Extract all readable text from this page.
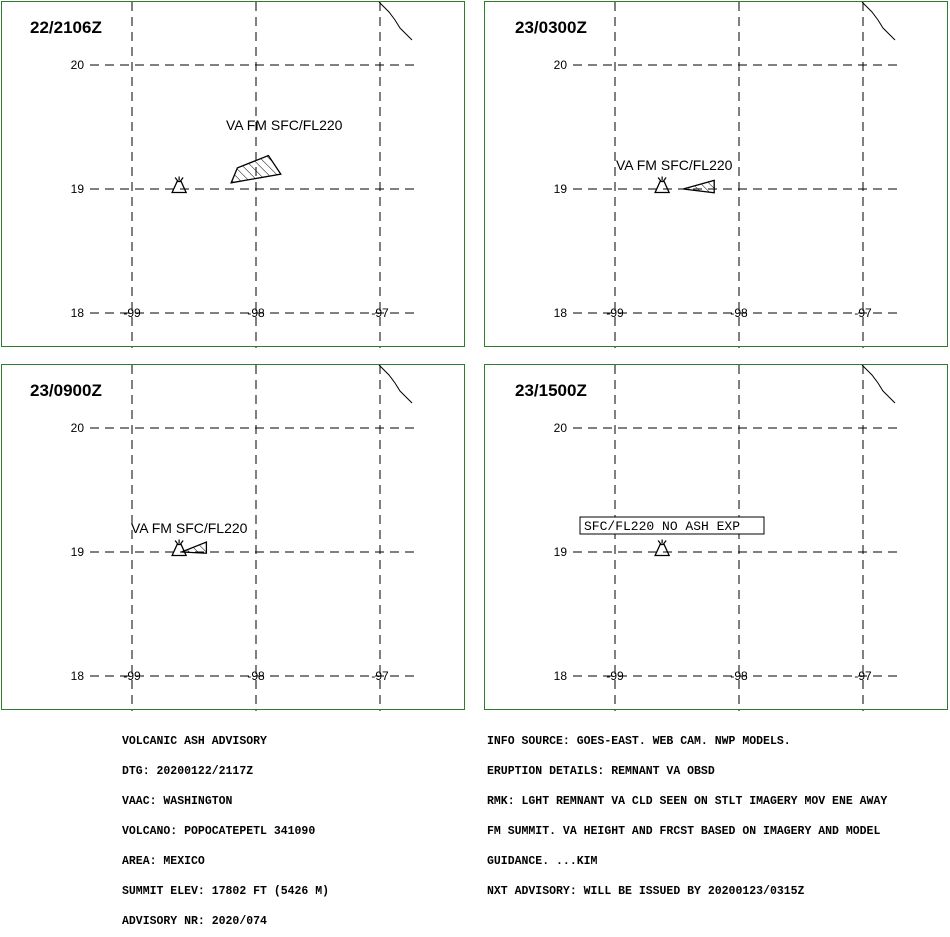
-99	-98	-97
20
19
18
VA FM SFC/FL220
22/2106Z
-99	-98	-97
20
19
18
VA FM SFC/FL220
23/0300Z
-99	-98	-97
20
19
18
VA FM SFC/FL220
23/0900Z
-99	-98	-97
20
19
18
SFC/FL220 NO ASH EXP
23/1500Z

VOLCANIC ASH ADVISORY

DTG: 20200122/2117Z

VAAC: WASHINGTON

VOLCANO: POPOCATEPETL 341090

AREA: MEXICO

SUMMIT ELEV: 17802 FT (5426 M)

ADVISORY NR: 2020/074

INFO SOURCE: GOES-EAST. WEB CAM. NWP MODELS.

ERUPTION DETAILS: REMNANT VA OBSD

RMK: LGHT REMNANT VA CLD SEEN ON STLT IMAGERY MOV ENE AWAY

FM SUMMIT. VA HEIGHT AND FRCST BASED ON IMAGERY AND MODEL

GUIDANCE. ...KIM

NXT ADVISORY: WILL BE ISSUED BY 20200123/0315Z
